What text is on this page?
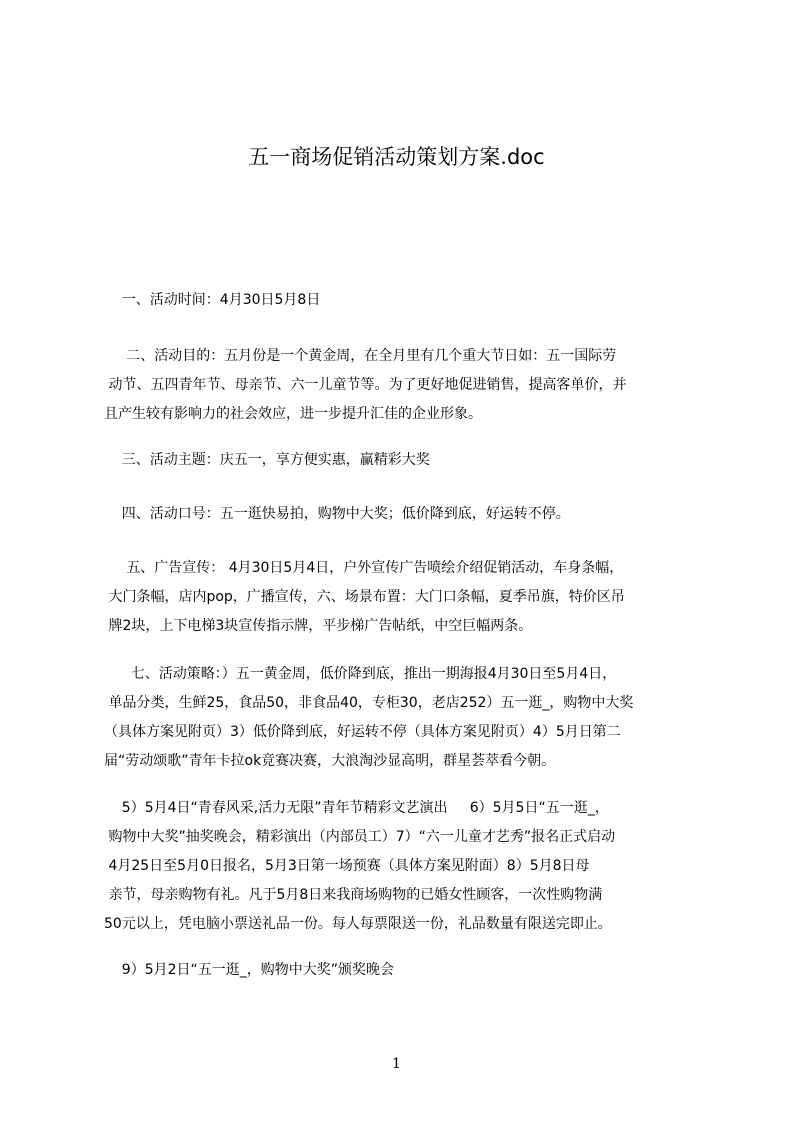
五一商场促销活动策划方案.doc
一、活动时间：4月30日5月8日
二、活动目的：五月份是一个黄金周，在全月里有几个重大节日如：五一国际劳
动节、五四青年节、母亲节、六一儿童节等。为了更好地促进销售，提高客单价，并
且产生较有影响力的社会效应，进一步提升汇佳的企业形象。
三、活动主题：庆五一，享方便实惠，赢精彩大奖
四、活动口号：五一逛快易拍，购物中大奖；低价降到底，好运转不停。
五、广告宣传： 4月30日5月4日，户外宣传广告喷绘介绍促销活动，车身条幅，
大门条幅，店内pop，广播宣传，六、场景布置：大门口条幅，夏季吊旗，特价区吊
牌2块，上下电梯3块宣传指示牌，平步梯广告帖纸，中空巨幅两条。
七、活动策略：）五一黄金周，低价降到底，推出一期海报4月30日至5月4日，
单品分类，生鲜25，食品50，非食品40，专柜30，老店252）五一逛_，购物中大奖
（具体方案见附页）3）低价降到底，好运转不停（具体方案见附页）4）5月日第二
届“劳动颂歌”青年卡拉ok竞赛决赛，大浪淘沙显高明，群星荟萃看今朝。
5）5月4日“青春风采,活力无限”青年节精彩文艺演出     6）5月5日“五一逛_，
购物中大奖”抽奖晚会，精彩演出（内部员工）7）“六一儿童才艺秀”报名正式启动
4月25日至5月0日报名，5月3日第一场预赛（具体方案见附面）8）5月8日母
亲节，母亲购物有礼。凡于5月8日来我商场购物的已婚女性顾客，一次性购物满
50元以上，凭电脑小票送礼品一份。每人每票限送一份，礼品数量有限送完即止。
9）5月2日“五一逛_，购物中大奖”颁奖晚会
1
